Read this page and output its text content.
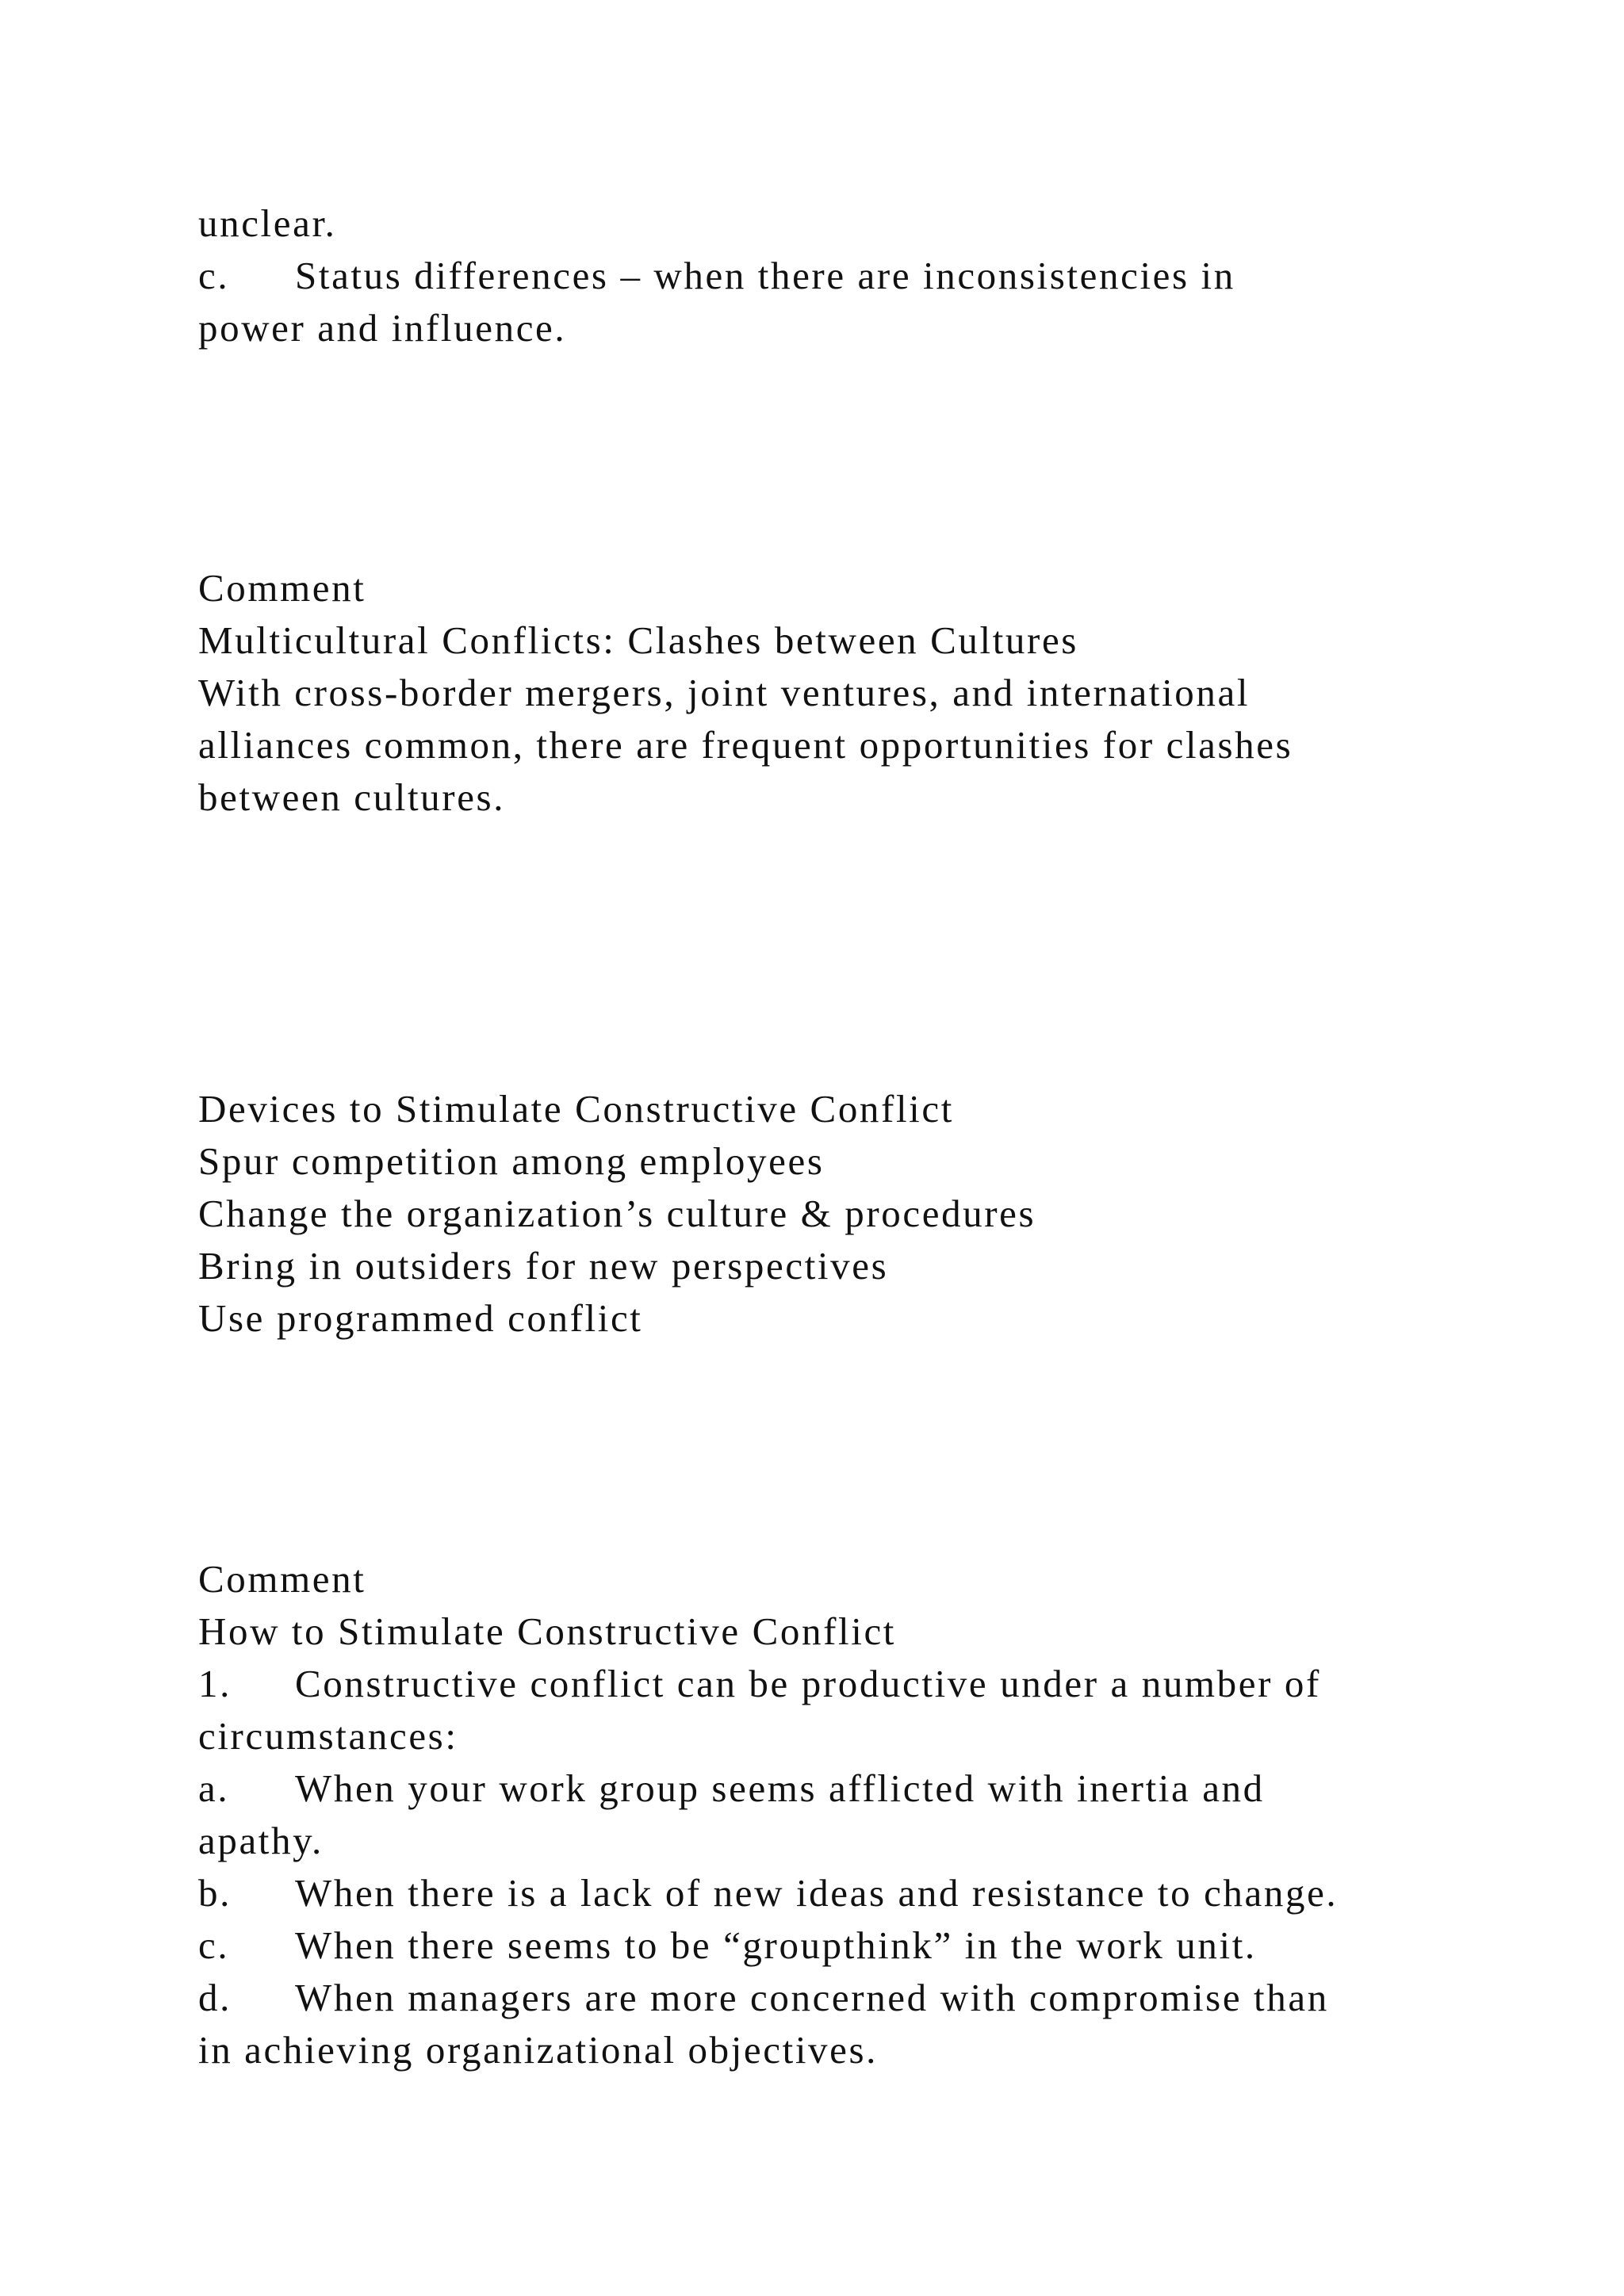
unclear.

c. Status differences – when there are inconsistencies in

power and influence.

Comment

Multicultural Conflicts: Clashes between Cultures

With cross-border mergers, joint ventures, and international

alliances common, there are frequent opportunities for clashes

between cultures.

Devices to Stimulate Constructive Conflict

Spur competition among employees

Change the organization’s culture & procedures

Bring in outsiders for new perspectives

Use programmed conflict

Comment

How to Stimulate Constructive Conflict

1. Constructive conflict can be productive under a number of

circumstances:

a. When your work group seems afflicted with inertia and

apathy.

b. When there is a lack of new ideas and resistance to change.

c. When there seems to be “groupthink” in the work unit.

d. When managers are more concerned with compromise than

in achieving organizational objectives.
